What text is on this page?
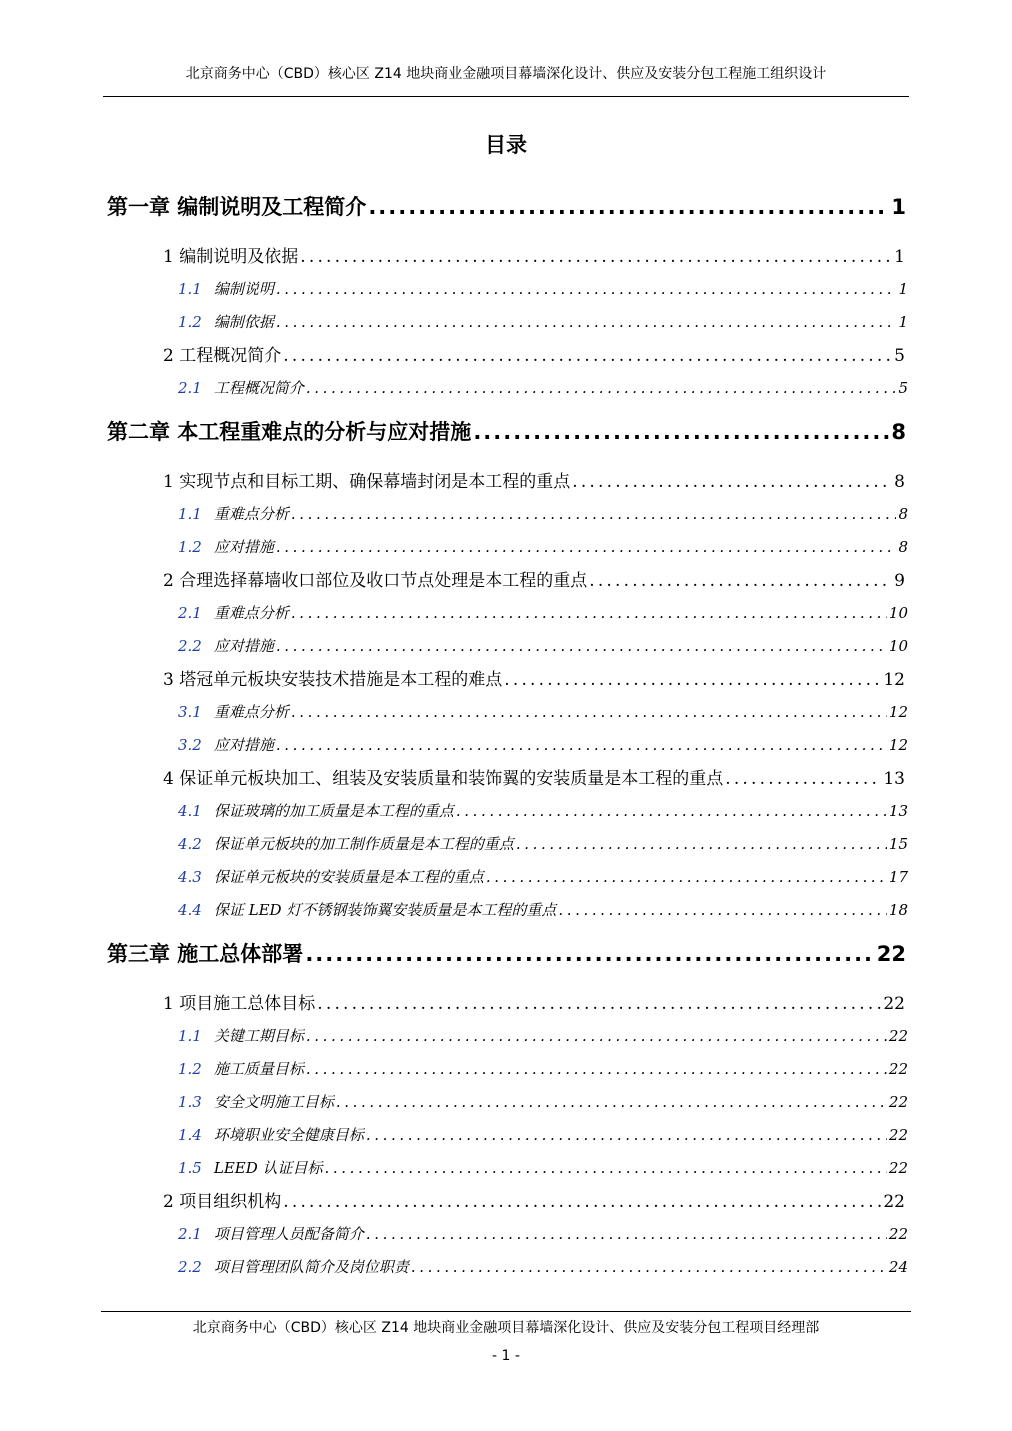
北京商务中心（CBD）核心区 Z14 地块商业金融项目幕墙深化设计、供应及安装分包工程施工组织设计
目录
第一章 编制说明及工程简介 .....	1
1 编制说明及依据 .....	1
1.1 编制说明 .....	1
1.2 编制依据 .....	1
2 工程概况简介 .....	5
2.1 工程概况简介 .....	5
第二章 本工程重难点的分析与应对措施 .....	8
1 实现节点和目标工期、确保幕墙封闭是本工程的重点 .....	8
1.1 重难点分析 .....	8
1.2 应对措施 .....	8
2 合理选择幕墙收口部位及收口节点处理是本工程的重点 .....	9
2.1 重难点分析 .....	10
2.2 应对措施 .....	10
3 塔冠单元板块安装技术措施是本工程的难点 .....	12
3.1 重难点分析 .....	12
3.2 应对措施 .....	12
4 保证单元板块加工、组装及安装质量和装饰翼的安装质量是本工程的重点 .....	13
4.1 保证玻璃的加工质量是本工程的重点 .....	13
4.2 保证单元板块的加工制作质量是本工程的重点 .....	15
4.3 保证单元板块的安装质量是本工程的重点 .....	17
4.4 保证 LED 灯不锈钢装饰翼安装质量是本工程的重点 .....	18
第三章 施工总体部署 .....	22
1 项目施工总体目标 .....	22
1.1 关键工期目标 .....	22
1.2 施工质量目标 .....	22
1.3 安全文明施工目标 .....	22
1.4 环境职业安全健康目标 .....	22
1.5 LEED 认证目标 .....	22
2 项目组织机构 .....	22
2.1 项目管理人员配备简介 .....	22
2.2 项目管理团队简介及岗位职责 .....	24
北京商务中心（CBD）核心区 Z14 地块商业金融项目幕墙深化设计、供应及安装分包工程项目经理部
- 1 -
